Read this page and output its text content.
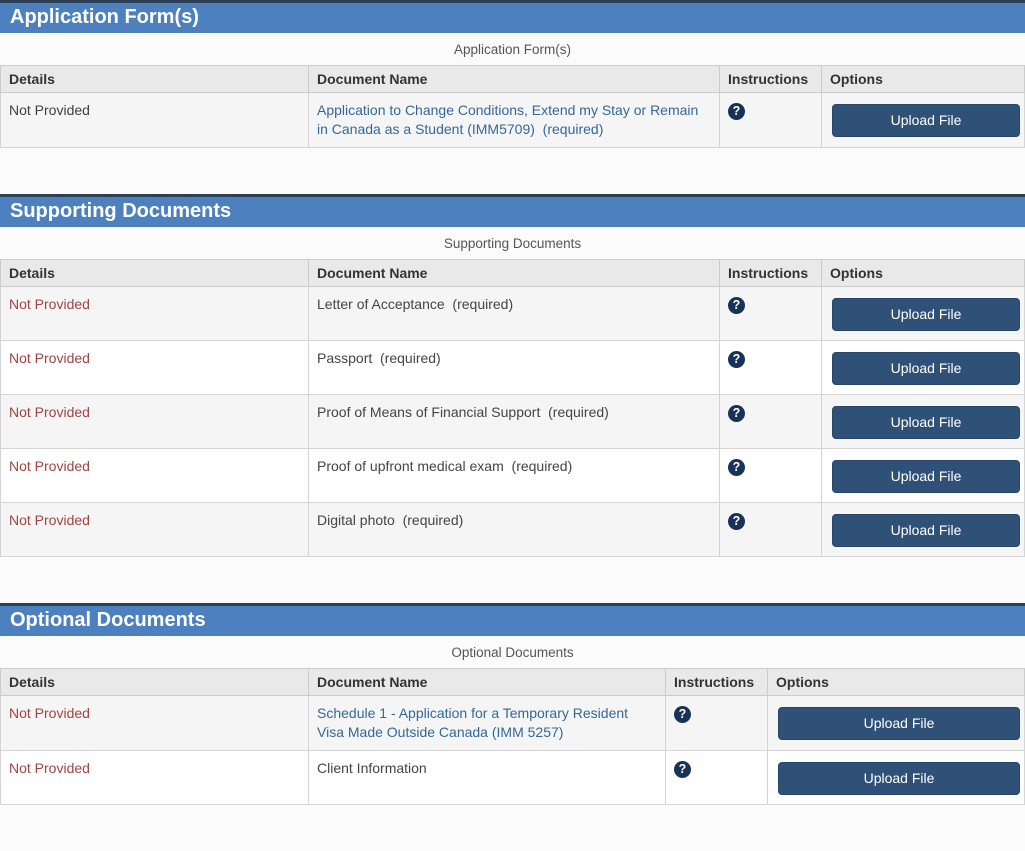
Application Form(s)
Application Form(s)
Details	Document Name	Instructions	Options
Not Provided	Application to Change Conditions, Extend my Stay or Remain in Canada as a Student (IMM5709)  (required)	?	Upload File
Supporting Documents
Supporting Documents
Details	Document Name	Instructions	Options
Not Provided	Letter of Acceptance  (required)	?	Upload File

Not Provided	Passport  (required)	?	Upload File

Not Provided	Proof of Means of Financial Support  (required)	?	Upload File

Not Provided	Proof of upfront medical exam  (required)	?	Upload File

Not Provided	Digital photo  (required)	?	Upload File
Optional Documents
Optional Documents
Details	Document Name	Instructions	Options
Not Provided	Schedule 1 - Application for a Temporary Resident Visa Made Outside Canada (IMM 5257)	?	Upload File

Not Provided	Client Information	?	Upload File
